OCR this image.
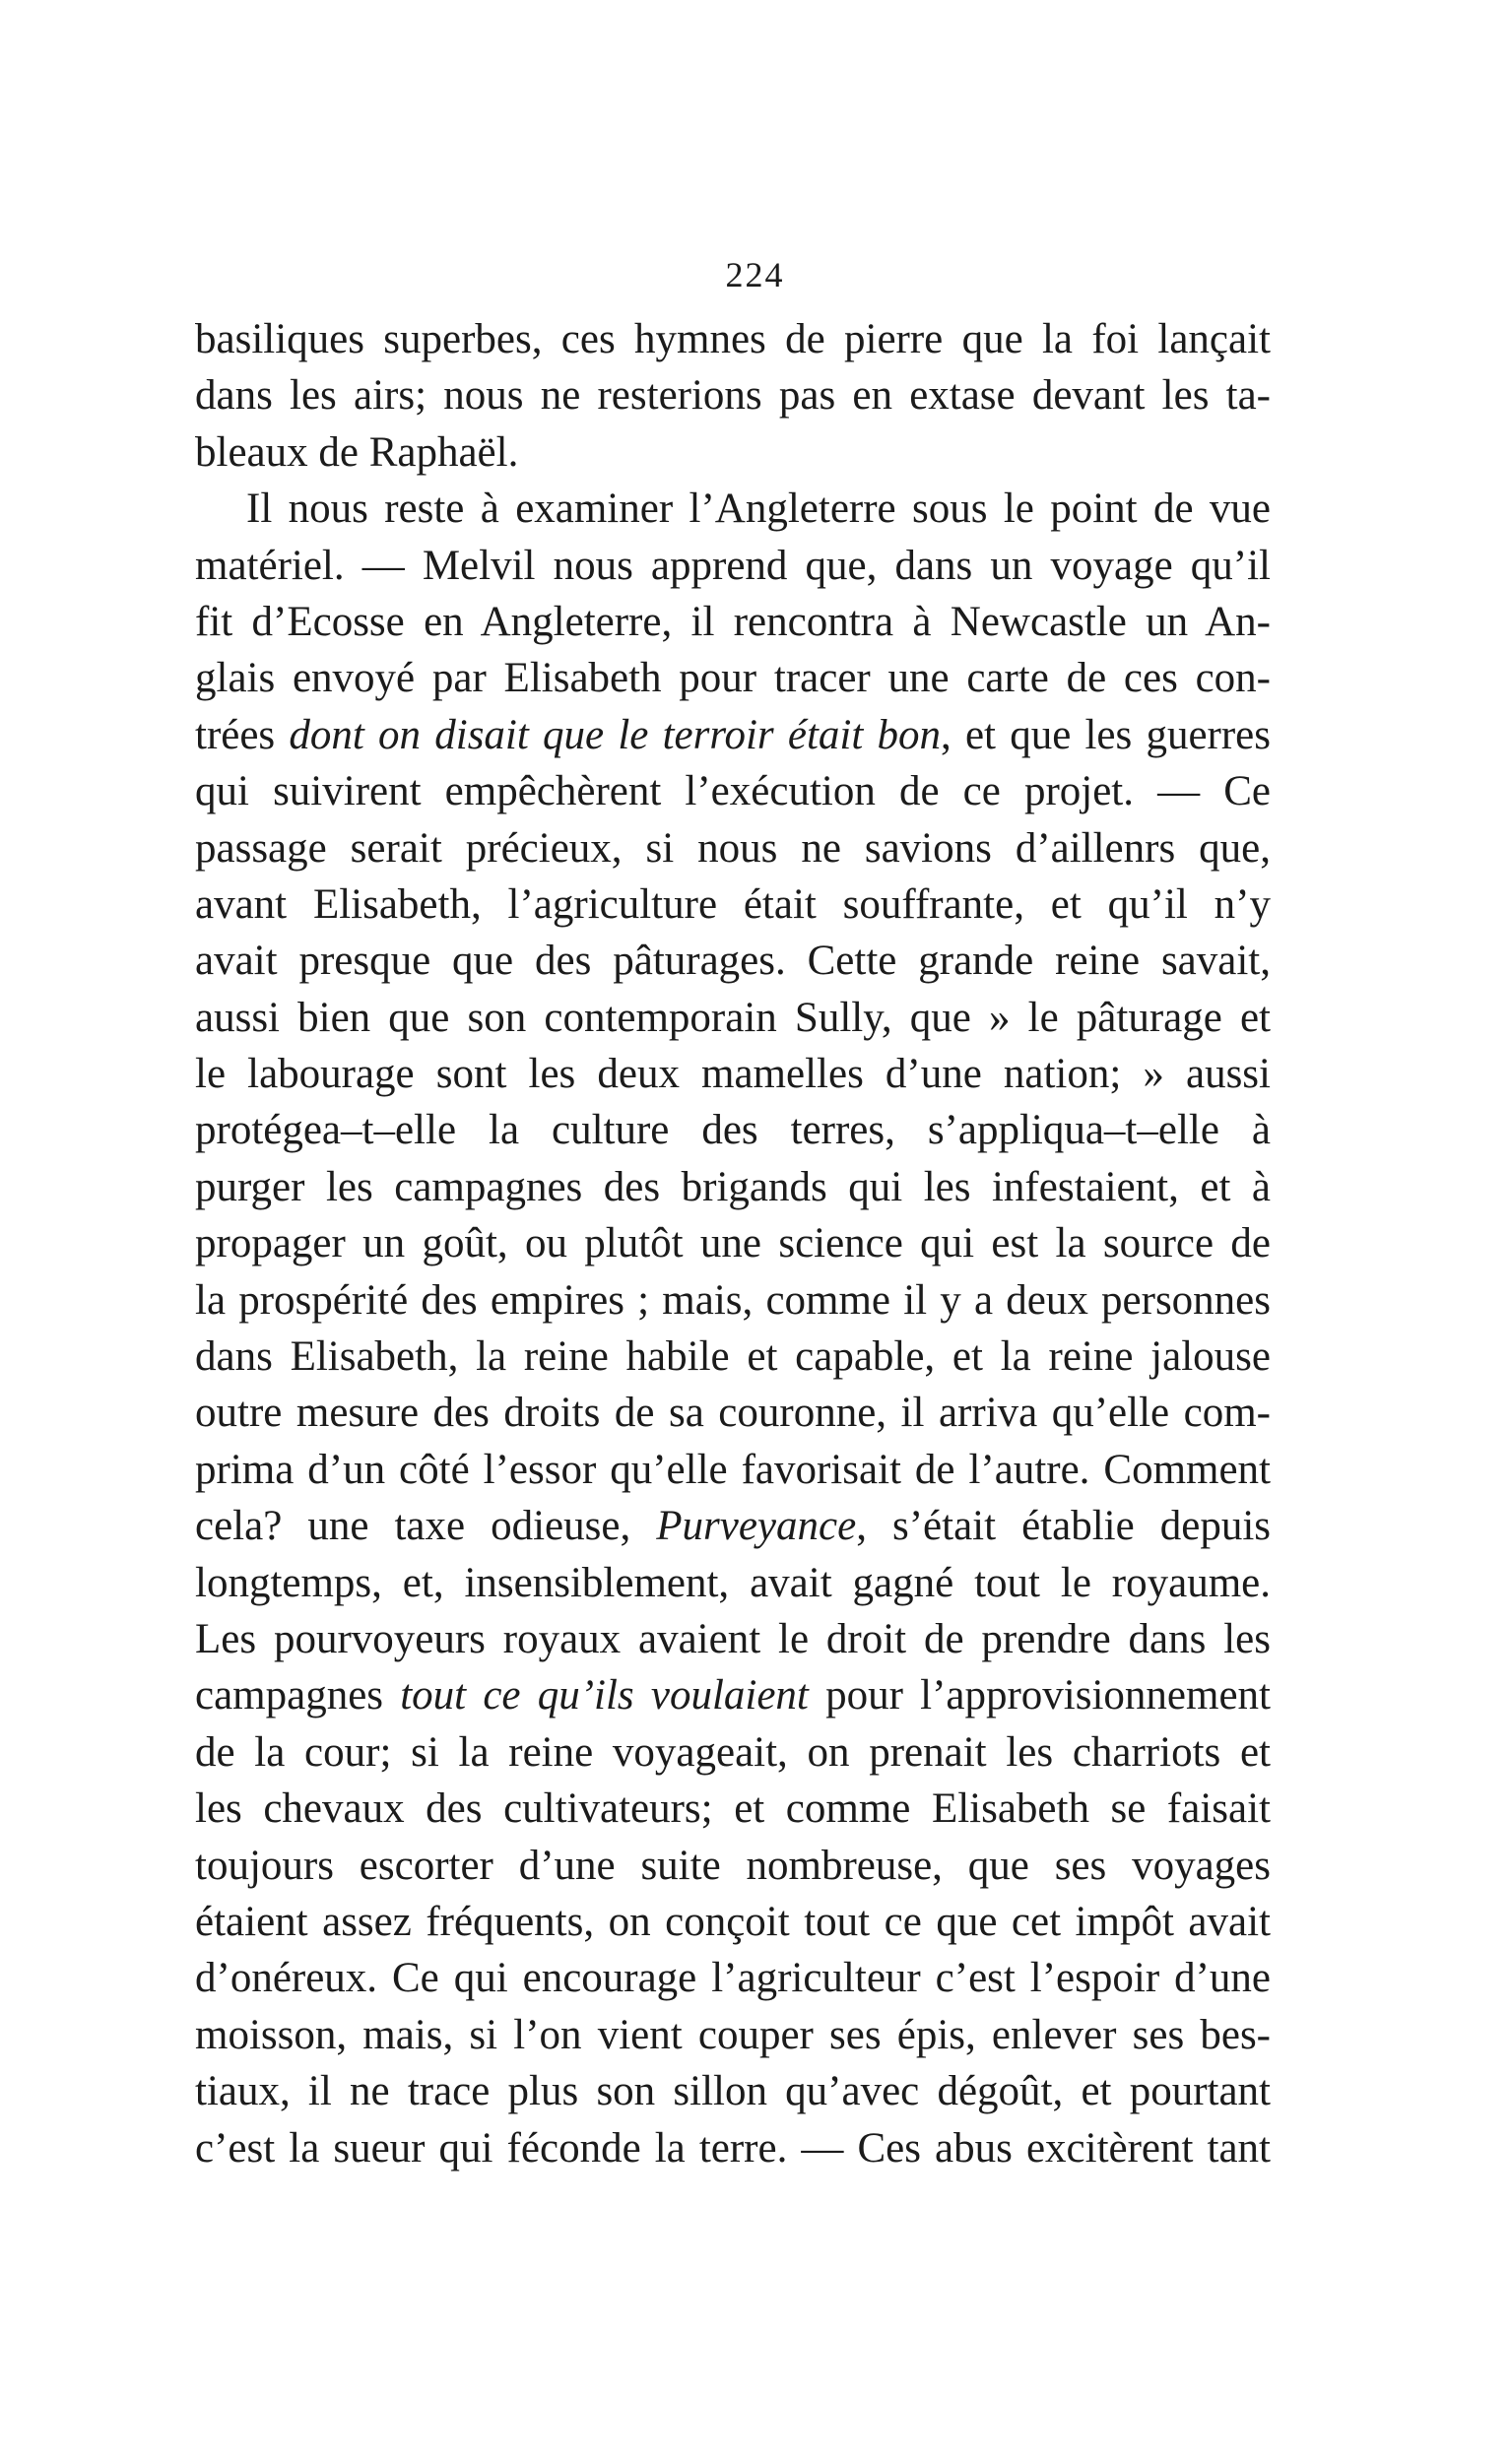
224
basiliques superbes, ces hymnes de pierre que la foi lançait
dans les airs; nous ne resterions pas en extase devant les ta-
bleaux de Raphaël.
Il nous reste à examiner l’Angleterre sous le point de vue
matériel. — Melvil nous apprend que, dans un voyage qu’il
fit d’Ecosse en Angleterre, il rencontra à Newcastle un An-
glais envoyé par Elisabeth pour tracer une carte de ces con-
trées dont on disait que le terroir était bon, et que les guerres
qui suivirent empêchèrent l’exécution de ce projet. — Ce
passage serait précieux, si nous ne savions d’aillenrs que,
avant Elisabeth, l’agriculture était souffrante, et qu’il n’y
avait presque que des pâturages. Cette grande reine savait,
aussi bien que son contemporain Sully, que » le pâturage et
le labourage sont les deux mamelles d’une nation; » aussi
protégea–t–elle la culture des terres, s’appliqua–t–elle à
purger les campagnes des brigands qui les infestaient, et à
propager un goût, ou plutôt une science qui est la source de
la prospérité des empires ; mais, comme il y a deux personnes
dans Elisabeth, la reine habile et capable, et la reine jalouse
outre mesure des droits de sa couronne, il arriva qu’elle com-
prima d’un côté l’essor qu’elle favorisait de l’autre. Comment
cela? une taxe odieuse, Purveyance, s’était établie depuis
longtemps, et, insensiblement, avait gagné tout le royaume.
Les pourvoyeurs royaux avaient le droit de prendre dans les
campagnes tout ce qu’ils voulaient pour l’approvisionnement
de la cour; si la reine voyageait, on prenait les charriots et
les chevaux des cultivateurs; et comme Elisabeth se faisait
toujours escorter d’une suite nombreuse, que ses voyages
étaient assez fréquents, on conçoit tout ce que cet impôt avait
d’onéreux. Ce qui encourage l’agriculteur c’est l’espoir d’une
moisson, mais, si l’on vient couper ses épis, enlever ses bes-
tiaux, il ne trace plus son sillon qu’avec dégoût, et pourtant
c’est la sueur qui féconde la terre. — Ces abus excitèrent tant
